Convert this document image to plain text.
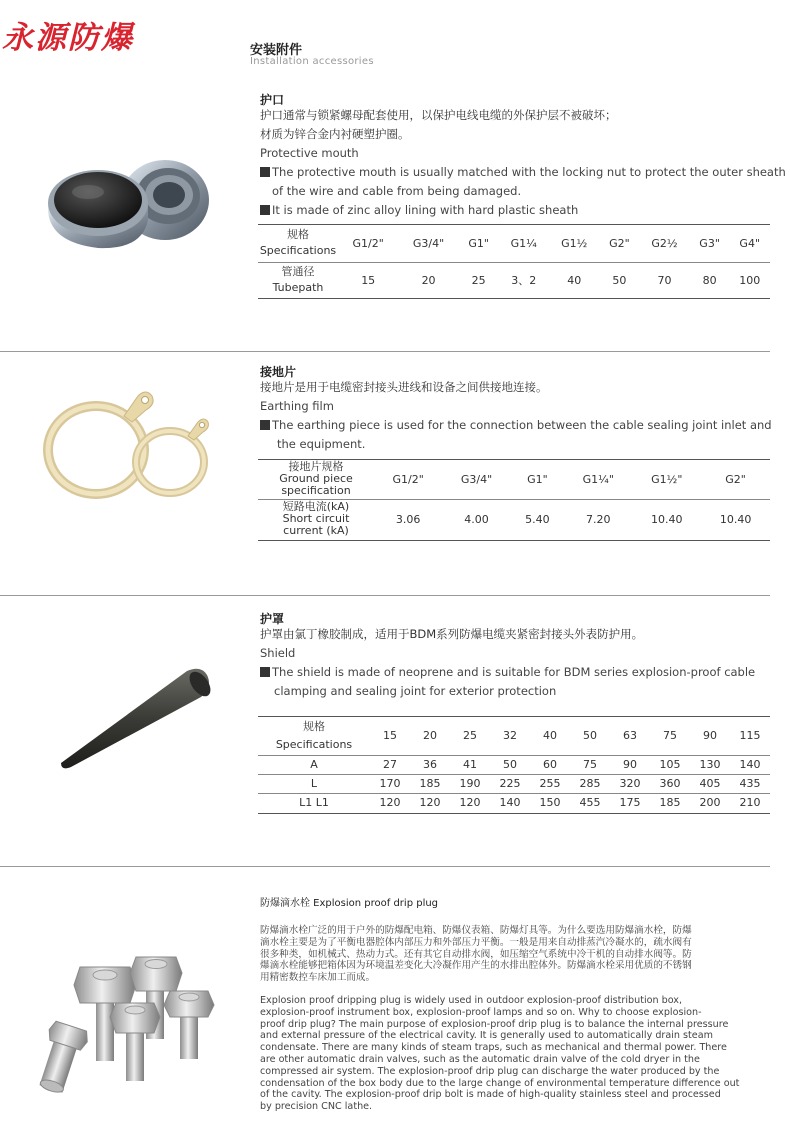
永源防爆	安装附件
Installation accessories
护口
护口通常与锁紧螺母配套使用，以保护电线电缆的外保护层不被破坏；
材质为锌合金内衬硬塑护圈。
Protective mouth
The protective mouth is usually matched with the locking nut to protect the outer sheath
of the wire and cable from being damaged.
It is made of zinc alloy lining with hard plastic sheath
规格
Specifications	G1/2"	G3/4"	G1"	G1¼	G1½	G2"	G2½	G3"	G4"

管通径
Tubepath	15	20	25	3、2	40	50	70	80	100
接地片
接地片是用于电缆密封接头进线和设备之间供接地连接。
Earthing film
The earthing piece is used for the connection between the cable sealing joint inlet and
the equipment.
接地片规格
Ground piece
specification	G1/2"	G3/4"	G1"	G1¼"	G1½"	G2"

短路电流(kA)
Short circuit
current (kA)	3.06	4.00	5.40	7.20	10.40	10.40
护罩
护罩由氯丁橡胶制成，适用于BDM系列防爆电缆夹紧密封接头外表防护用。
Shield
The shield is made of neoprene and is suitable for BDM series explosion-proof cable
clamping and sealing joint for exterior protection
规格
Specifications	15	20	25	32	40	50	63	75	90	115
A	27	36	41	50	60	75	90	105	130	140
L	170	185	190	225	255	285	320	360	405	435
L1 L1	120	120	120	140	150	455	175	185	200	210
防爆滴水栓 Explosion proof drip plug
防爆滴水栓广泛的用于户外的防爆配电箱、防爆仪表箱、防爆灯具等。为什么要选用防爆滴水栓，防爆
滴水栓主要是为了平衡电器腔体内部压力和外部压力平衡。一般是用来自动排蒸汽冷凝水的，疏水阀有
很多种类，如机械式、热动力式。还有其它自动排水阀，如压缩空气系统中冷干机的自动排水阀等。防
爆滴水栓能够把箱体因为环境温差变化大冷凝作用产生的水排出腔体外。防爆滴水栓采用优质的不锈钢
用精密数控车床加工而成。
Explosion proof dripping plug is widely used in outdoor explosion-proof distribution box,
explosion-proof instrument box, explosion-proof lamps and so on. Why to choose explosion-
proof drip plug? The main purpose of explosion-proof drip plug is to balance the internal pressure
and external pressure of the electrical cavity. It is generally used to automatically drain steam
condensate. There are many kinds of steam traps, such as mechanical and thermal power. There
are other automatic drain valves, such as the automatic drain valve of the cold dryer in the
compressed air system. The explosion-proof drip plug can discharge the water produced by the
condensation of the box body due to the large change of environmental temperature difference out
of the cavity. The explosion-proof drip bolt is made of high-quality stainless steel and processed
by precision CNC lathe.
